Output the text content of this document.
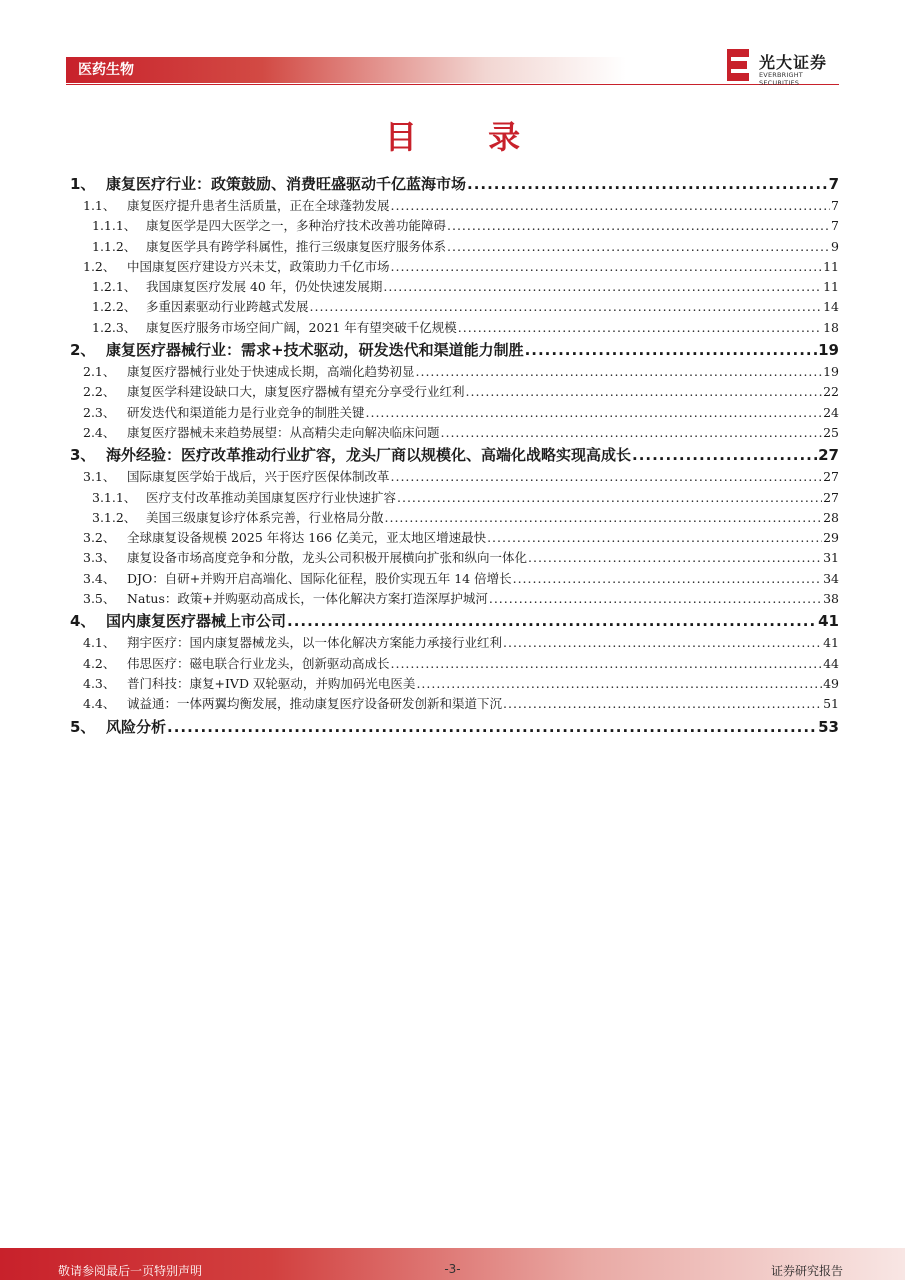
医药生物	光大证券
EVERBRIGHT SECURITIES
目 录
1、 康复医疗行业：政策鼓励、消费旺盛驱动千亿蓝海市场 .....	7
1.1、 康复医疗提升患者生活质量，正在全球蓬勃发展 .....	7
1.1.1、 康复医学是四大医学之一，多种治疗技术改善功能障碍 .....	7
1.1.2、 康复医学具有跨学科属性，推行三级康复医疗服务体系 .....	9
1.2、 中国康复医疗建设方兴未艾，政策助力千亿市场 .....	11
1.2.1、 我国康复医疗发展 40 年，仍处快速发展期 .....	11
1.2.2、 多重因素驱动行业跨越式发展 .....	14
1.2.3、 康复医疗服务市场空间广阔，2021 年有望突破千亿规模 .....	18
2、 康复医疗器械行业：需求+技术驱动，研发迭代和渠道能力制胜 .....	19
2.1、 康复医疗器械行业处于快速成长期，高端化趋势初显 .....	19
2.2、 康复医学科建设缺口大，康复医疗器械有望充分享受行业红利 .....	22
2.3、 研发迭代和渠道能力是行业竞争的制胜关键 .....	24
2.4、 康复医疗器械未来趋势展望：从高精尖走向解决临床问题 .....	25
3、 海外经验：医疗改革推动行业扩容，龙头厂商以规模化、高端化战略实现高成长 .....	27
3.1、 国际康复医学始于战后，兴于医疗医保体制改革 .....	27
3.1.1、 医疗支付改革推动美国康复医疗行业快速扩容 .....	27
3.1.2、 美国三级康复诊疗体系完善，行业格局分散 .....	28
3.2、 全球康复设备规模 2025 年将达 166 亿美元，亚太地区增速最快 .....	29
3.3、 康复设备市场高度竞争和分散，龙头公司积极开展横向扩张和纵向一体化 .....	31
3.4、 DJO：自研+并购开启高端化、国际化征程，股价实现五年 14 倍增长 .....	34
3.5、 Natus：政策+并购驱动高成长，一体化解决方案打造深厚护城河 .....	38
4、 国内康复医疗器械上市公司 .....	41
4.1、 翔宇医疗：国内康复器械龙头，以一体化解决方案能力承接行业红利 .....	41
4.2、 伟思医疗：磁电联合行业龙头，创新驱动高成长 .....	44
4.3、 普门科技：康复+IVD 双轮驱动，并购加码光电医美 .....	49
4.4、 诚益通：一体两翼均衡发展，推动康复医疗设备研发创新和渠道下沉 .....	51
5、 风险分析 .....	53
敬请参阅最后一页特别声明	-3-	证券研究报告
